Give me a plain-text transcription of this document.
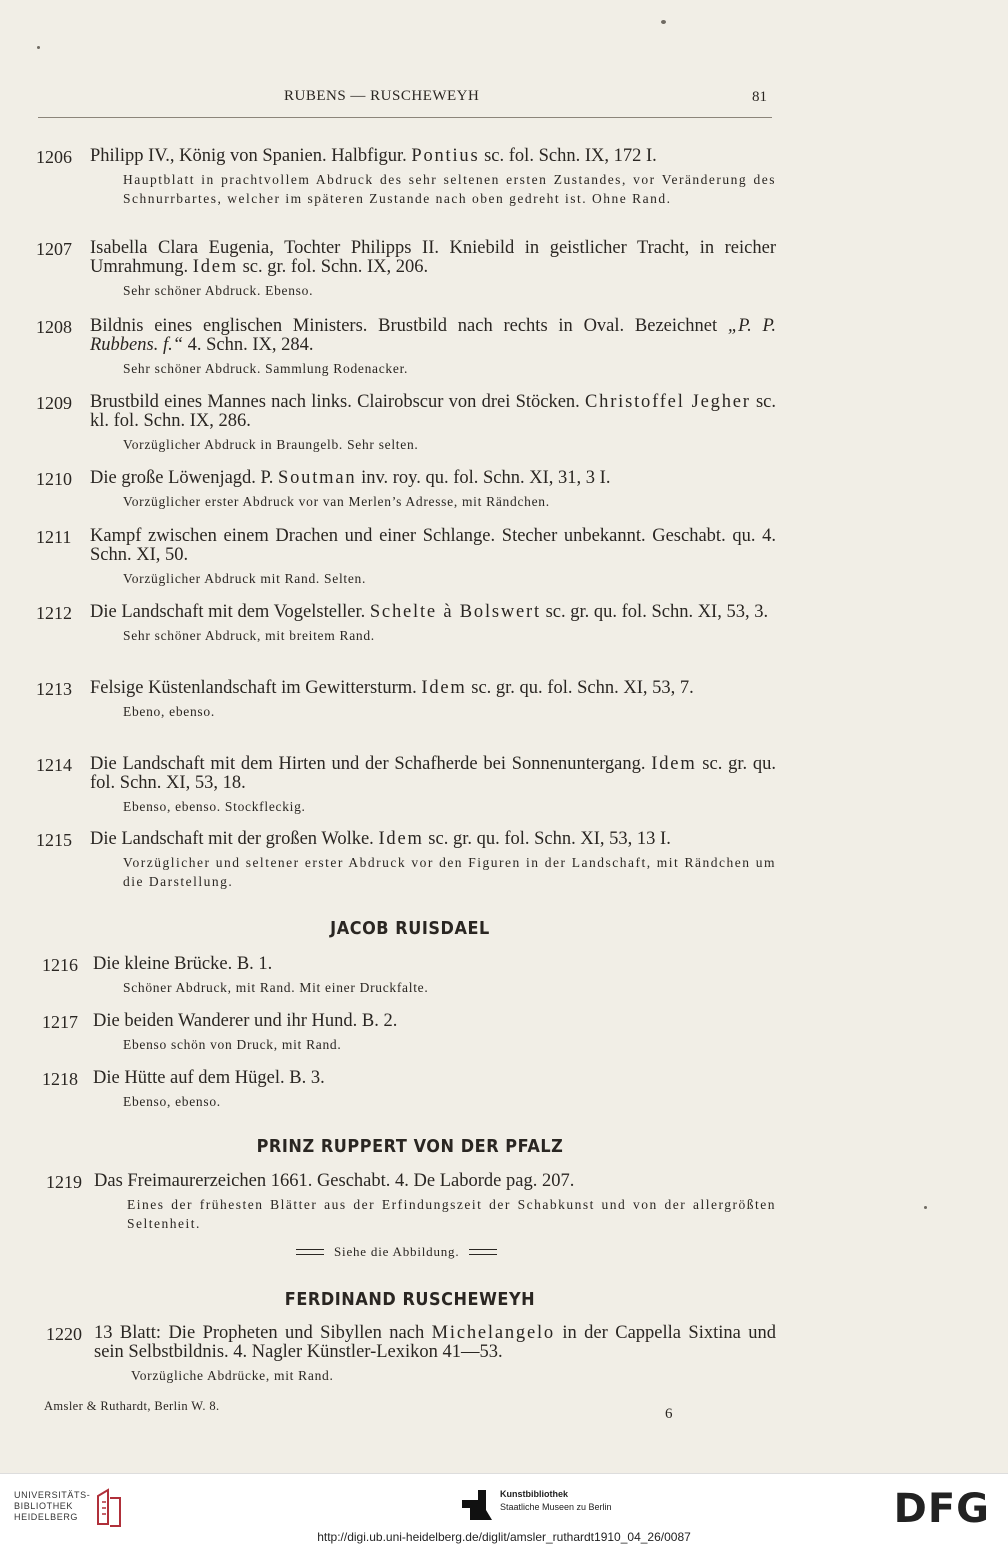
RUBENS — RUSCHEWEYH	81
1206 Philipp IV., König von Spanien. Halbfigur. Pontius sc. fol. Schn. IX, 172 I.
Hauptblatt in prachtvollem Abdruck des sehr seltenen ersten Zustandes, vor Veränderung des Schnurrbartes, welcher im späteren Zustande nach oben gedreht ist. Ohne Rand.
1207 Isabella Clara Eugenia, Tochter Philipps II. Kniebild in geistlicher Tracht, in reicher Umrahmung. Idem sc. gr. fol. Schn. IX, 206.
Sehr schöner Abdruck. Ebenso.
1208 Bildnis eines englischen Ministers. Brustbild nach rechts in Oval. Bezeichnet „P. P. Rubbens. f.“ 4. Schn. IX, 284.
Sehr schöner Abdruck. Sammlung Rodenacker.
1209 Brustbild eines Mannes nach links. Clairobscur von drei Stöcken. Christoffel Jegher sc. kl. fol. Schn. IX, 286.
Vorzüglicher Abdruck in Braungelb. Sehr selten.
1210 Die große Löwenjagd. P. Soutman inv. roy. qu. fol. Schn. XI, 31, 3 I.
Vorzüglicher erster Abdruck vor van Merlen’s Adresse, mit Rändchen.
1211 Kampf zwischen einem Drachen und einer Schlange. Stecher unbekannt. Geschabt. qu. 4. Schn. XI, 50.
Vorzüglicher Abdruck mit Rand. Selten.
1212 Die Landschaft mit dem Vogelsteller. Schelte à Bolswert sc. gr. qu. fol. Schn. XI, 53, 3.
Sehr schöner Abdruck, mit breitem Rand.
1213 Felsige Küstenlandschaft im Gewittersturm. Idem sc. gr. qu. fol. Schn. XI, 53, 7.
Ebeno, ebenso.
1214 Die Landschaft mit dem Hirten und der Schafherde bei Sonnenuntergang. Idem sc. gr. qu. fol. Schn. XI, 53, 18.
Ebenso, ebenso. Stockfleckig.
1215 Die Landschaft mit der großen Wolke. Idem sc. gr. qu. fol. Schn. XI, 53, 13 I.
Vorzüglicher und seltener erster Abdruck vor den Figuren in der Landschaft, mit Rändchen um die Darstellung.
JACOB RUISDAEL
1216 Die kleine Brücke. B. 1.
Schöner Abdruck, mit Rand. Mit einer Druckfalte.
1217 Die beiden Wanderer und ihr Hund. B. 2.
Ebenso schön von Druck, mit Rand.
1218 Die Hütte auf dem Hügel. B. 3.
Ebenso, ebenso.
PRINZ RUPPERT VON DER PFALZ
1219 Das Freimaurerzeichen 1661. Geschabt. 4. De Laborde pag. 207.
Eines der frühesten Blätter aus der Erfindungszeit der Schabkunst und von der allergrößten Seltenheit.
Siehe die Abbildung.
FERDINAND RUSCHEWEYH
1220 13 Blatt: Die Propheten und Sibyllen nach Michelangelo in der Cappella Sixtina und sein Selbstbildnis. 4. Nagler Künstler-Lexikon 41—53.
Vorzügliche Abdrücke, mit Rand.
Amsler & Ruthardt, Berlin W. 8.	6
UNIVERSITÄTS-
BIBLIOTHEK
HEIDELBERG
Kunstbibliothek
Staatliche Museen zu Berlin	DFG
http://digi.ub.uni-heidelberg.de/diglit/amsler_ruthardt1910_04_26/0087
